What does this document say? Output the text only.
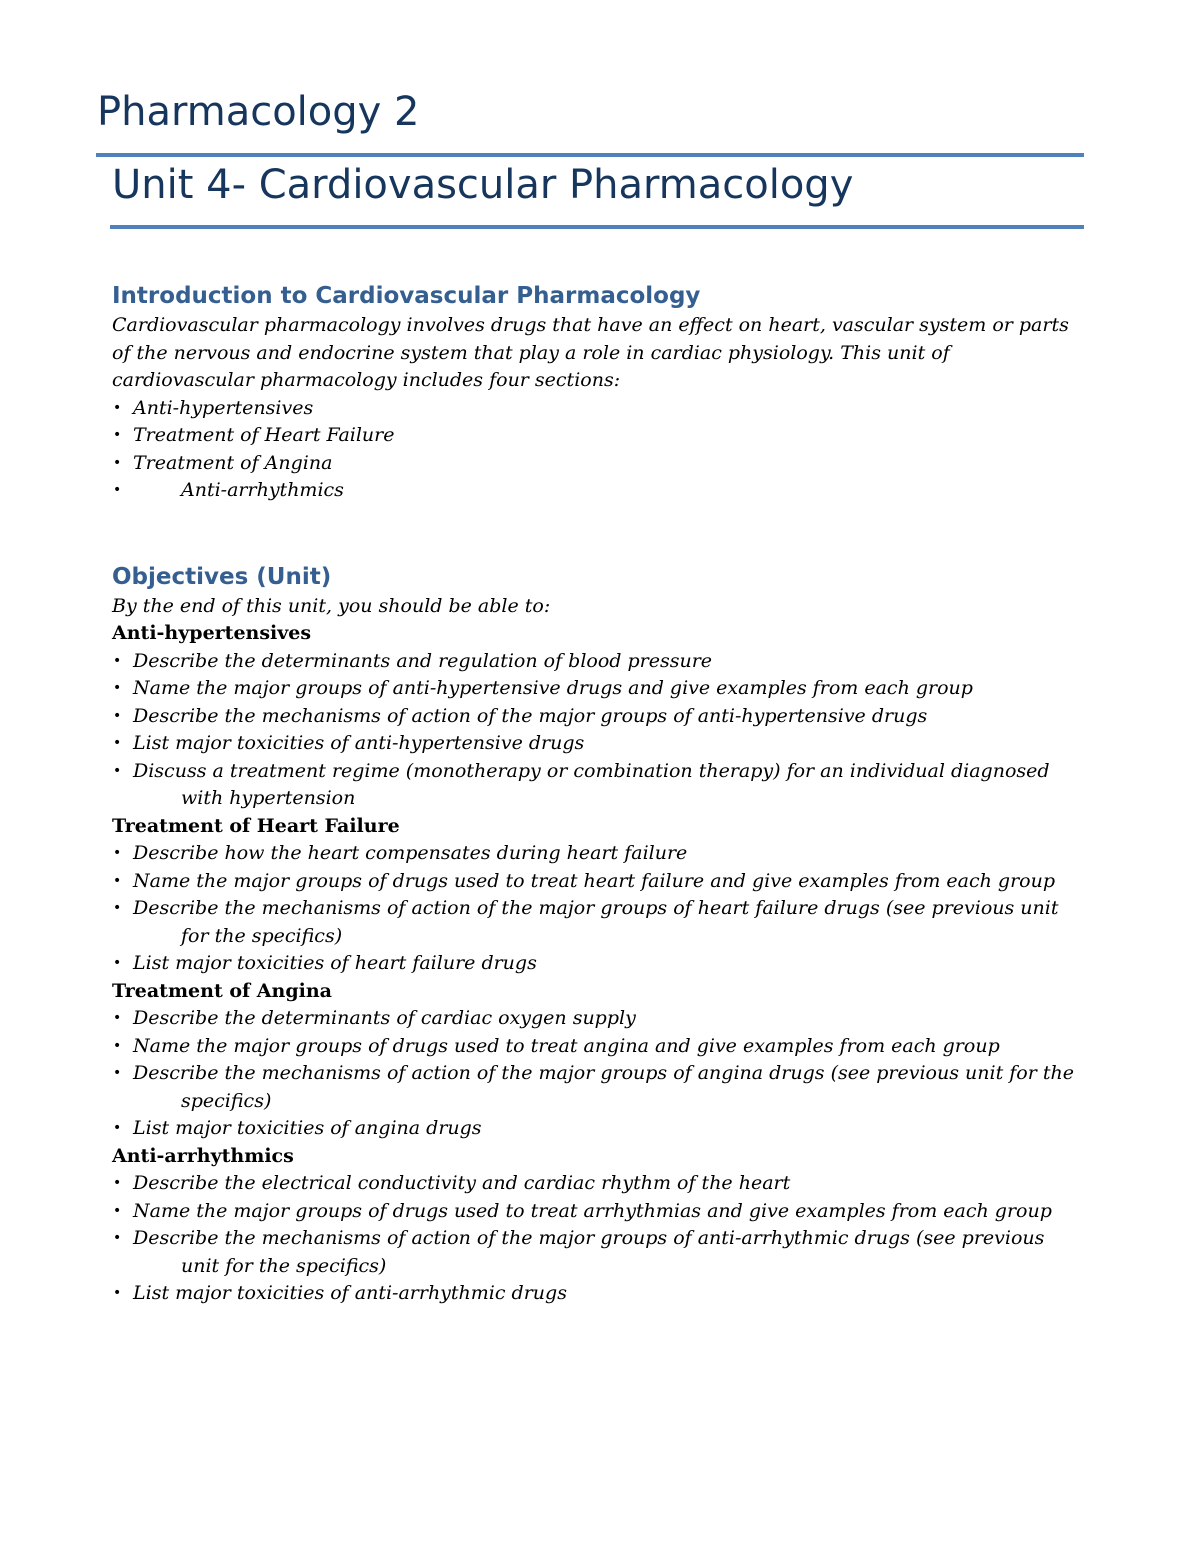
Pharmacology 2
Unit 4- Cardiovascular Pharmacology
Introduction to Cardiovascular Pharmacology

Cardiovascular pharmacology involves drugs that have an effect on heart, vascular system or parts of the nervous and endocrine system that play a role in cardiac physiology. This unit of cardiovascular pharmacology includes four sections:

• Anti-hypertensives
• Treatment of Heart Failure
• Treatment of Angina
•	Anti-arrhythmics
Objectives (Unit)

By the end of this unit, you should be able to:

Anti-hypertensives

• Describe the determinants and regulation of blood pressure
• Name the major groups of anti-hypertensive drugs and give examples from each group
• Describe the mechanisms of action of the major groups of anti-hypertensive drugs
• List major toxicities of anti-hypertensive drugs
• Discuss a treatment regime (monotherapy or combination therapy) for an individual diagnosed
with hypertension

Treatment of Heart Failure

• Describe how the heart compensates during heart failure
• Name the major groups of drugs used to treat heart failure and give examples from each group
• Describe the mechanisms of action of the major groups of heart failure drugs (see previous unit
for the specifics)
• List major toxicities of heart failure drugs

Treatment of Angina

• Describe the determinants of cardiac oxygen supply
• Name the major groups of drugs used to treat angina and give examples from each group
• Describe the mechanisms of action of the major groups of angina drugs (see previous unit for the
specifics)
• List major toxicities of angina drugs

Anti-arrhythmics

• Describe the electrical conductivity and cardiac rhythm of the heart
• Name the major groups of drugs used to treat arrhythmias and give examples from each group
• Describe the mechanisms of action of the major groups of anti-arrhythmic drugs (see previous
unit for the specifics)
• List major toxicities of anti-arrhythmic drugs
